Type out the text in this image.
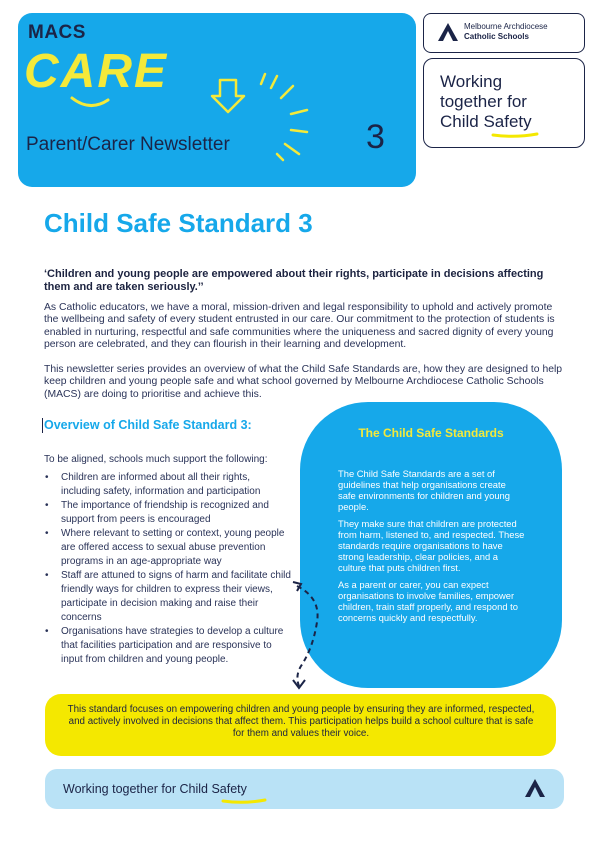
MACS
CARE
Parent/Carer Newsletter	3
Melbourne Archdiocese
Catholic Schools
Working
together for
Child Safety
Child Safe Standard 3
‘Children and young people are empowered about their rights, participate in decisions affecting them and are taken seriously.’’
As Catholic educators, we have a moral, mission-driven and legal responsibility to uphold and actively promote the wellbeing and safety of every student entrusted in our care. Our commitment to the protection of students is enabled in nurturing, respectful and safe communities where the uniqueness and sacred dignity of every young person are celebrated, and they can flourish in their learning and development.
This newsletter series provides an overview of what the Child Safe Standards are, how they are designed to help keep children and young people safe and what school governed by Melbourne Archdiocese Catholic Schools (MACS) are doing to prioritise and achieve this.
Overview of Child Safe Standard 3:
To be aligned, schools much support the following:
• Children are informed about all their rights, including safety, information and participation
• The importance of friendship is recognized and support from peers is encouraged
• Where relevant to setting or context, young people are offered access to sexual abuse prevention programs in an age-appropriate way
• Staff are attuned to signs of harm and facilitate child friendly ways for children to express their views, participate in decision making and raise their concerns
• Organisations have strategies to develop a culture that facilities participation and are responsive to input from children and young people.
The Child Safe Standards

The Child Safe Standards are a set of guidelines that help organisations create safe environments for children and young people.

They make sure that children are protected from harm, listened to, and respected. These standards require organisations to have strong leadership, clear policies, and a culture that puts children first.

As a parent or carer, you can expect organisations to involve families, empower children, train staff properly, and respond to concerns quickly and respectfully.

This standard focuses on empowering children and young people by ensuring they are informed, respected, and actively involved in decisions that affect them. This participation helps build a school culture that is safe for them and values their voice.
Working together for Child Safety
